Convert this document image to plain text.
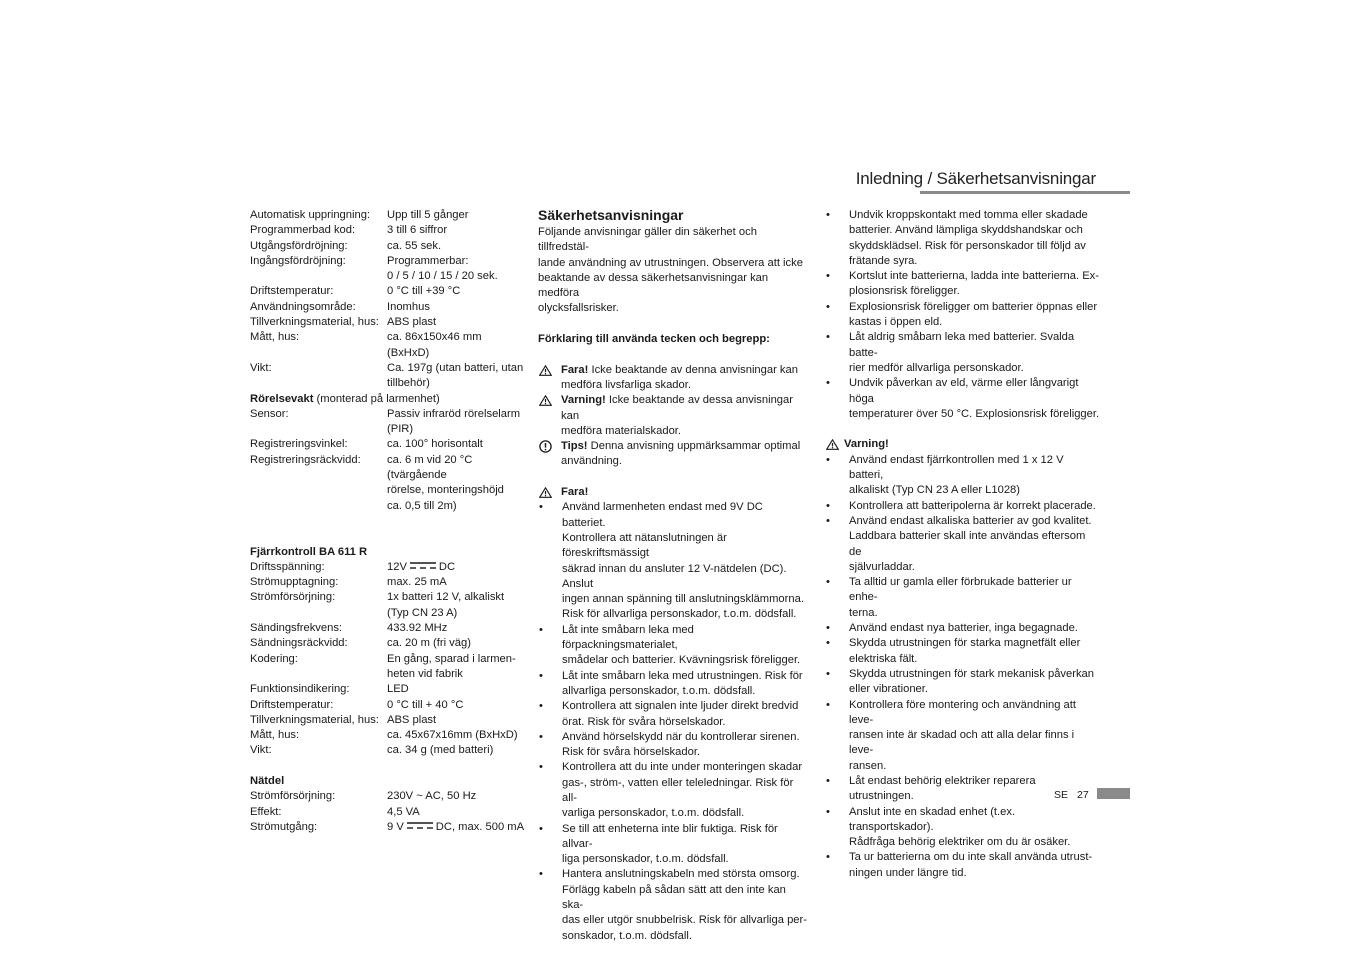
Inledning / Säkerhetsanvisningar
Automatisk uppringning:	Upp till 5 gånger
Programmerbad kod:	3 till 6 siffror
Utgångsfördröjning:	ca. 55 sek.
Ingångsfördröjning:	Programmerbar:
0 / 5 / 10 / 15 / 20 sek.
Driftstemperatur:	0 °C till +39 °C
Användningsområde:	Inomhus
Tillverkningsmaterial, hus: ABS plast
Mått, hus:	ca. 86x150x46 mm (BxHxD)
Vikt:	Ca. 197g (utan batteri, utan
tillbehör)
Rörelsevakt (monterad på larmenhet)
Sensor:	Passiv infraröd rörelselarm
(PIR)
Registreringsvinkel:	ca. 100° horisontalt
Registreringsräckvidd:	ca. 6 m vid 20 °C (tvärgående
rörelse, monteringshöjd
ca. 0,5 till 2m)
Fjärrkontroll BA 611 R
Driftsspänning:	12V	DC
Strömupptagning:	max. 25 mA
Strömförsörjning:	1x batteri 12 V, alkaliskt
(Typ CN 23 A)
Sändingsfrekvens:	433.92 MHz
Sändningsräckvidd:	ca. 20 m (fri väg)
Kodering:	En gång, sparad i larmen-
heten vid fabrik
Funktionsindikering:	LED
Driftstemperatur:	0 °C till + 40 °C
Tillverkningsmaterial, hus: ABS plast
Mått, hus:	ca. 45x67x16mm (BxHxD)
Vikt:	ca. 34 g (med batteri)
Nätdel
Strömförsörjning:	230V ~ AC, 50 Hz
Effekt:	4,5 VA
Strömutgång:	9 V	DC, max. 500 mA
Säkerhetsanvisningar
Följande anvisningar gäller din säkerhet och tillfredstäl-
lande användning av utrustningen. Observera att icke
beaktande av dessa säkerhetsanvisningar kan medföra
olycksfallsrisker.
Förklaring till använda tecken och begrepp:
Fara! Icke beaktande av denna anvisningar kan
medföra livsfarliga skador.
Varning! Icke beaktande av dessa anvisningar kan
medföra materialskador.
Tips! Denna anvisning uppmärksammar optimal
användning.
Fara!
•	Använd larmenheten endast med 9V DC batteriet.
Kontrollera att nätanslutningen är föreskriftsmässigt
säkrad innan du ansluter 12 V-nätdelen (DC). Anslut
ingen annan spänning till anslutningsklämmorna.
Risk för allvarliga personskador, t.o.m. dödsfall.
•	Låt inte småbarn leka med förpackningsmaterialet,
smådelar och batterier. Kvävningsrisk föreligger.
•	Låt inte småbarn leka med utrustningen. Risk för
allvarliga personskador, t.o.m. dödsfall.
•	Kontrollera att signalen inte ljuder direkt bredvid
örat. Risk för svåra hörselskador.
•	Använd hörselskydd när du kontrollerar sirenen.
Risk för svåra hörselskador.
•	Kontrollera att du inte under monteringen skadar
gas-, ström-, vatten eller teleledningar. Risk för all-
varliga personskador, t.o.m. dödsfall.
•	Se till att enheterna inte blir fuktiga. Risk för allvar-
liga personskador, t.o.m. dödsfall.
•	Hantera anslutningskabeln med största omsorg.
Förlägg kabeln på sådan sätt att den inte kan ska-
das eller utgör snubbelrisk. Risk för allvarliga per-
sonskador, t.o.m. dödsfall.
•	Undvik kroppskontakt med tomma eller skadade
batterier. Använd lämpliga skyddshandskar och
skyddsklädsel. Risk för personskador till följd av
frätande syra.
•	Kortslut inte batterierna, ladda inte batterierna. Ex-
plosionsrisk föreligger.
•	Explosionsrisk föreligger om batterier öppnas eller
kastas i öppen eld.
•	Låt aldrig småbarn leka med batterier. Svalda batte-
rier medför allvarliga personskador.
•	Undvik påverkan av eld, värme eller långvarigt höga
temperaturer över 50 °C. Explosionsrisk föreligger.
Varning!
•	Använd endast fjärrkontrollen med 1 x 12 V batteri,
alkaliskt (Typ CN 23 A eller L1028)
•	Kontrollera att batteripolerna är korrekt placerade.
•	Använd endast alkaliska batterier av god kvalitet.
Laddbara batterier skall inte användas eftersom de
självurladdar.
•	Ta alltid ur gamla eller förbrukade batterier ur enhe-
terna.
•	Använd endast nya batterier, inga begagnade.
•	Skydda utrustningen för starka magnetfält eller
elektriska fält.
•	Skydda utrustningen för stark mekanisk påverkan
eller vibrationer.
•	Kontrollera före montering och användning att leve-
ransen inte är skadad och att alla delar finns i leve-
ransen.
•	Låt endast behörig elektriker reparera utrustningen.
•	Anslut inte en skadad enhet (t.ex. transportskador).
Rådfråga behörig elektriker om du är osäker.
•	Ta ur batterierna om du inte skall använda utrust-
ningen under längre tid.
SE 27
